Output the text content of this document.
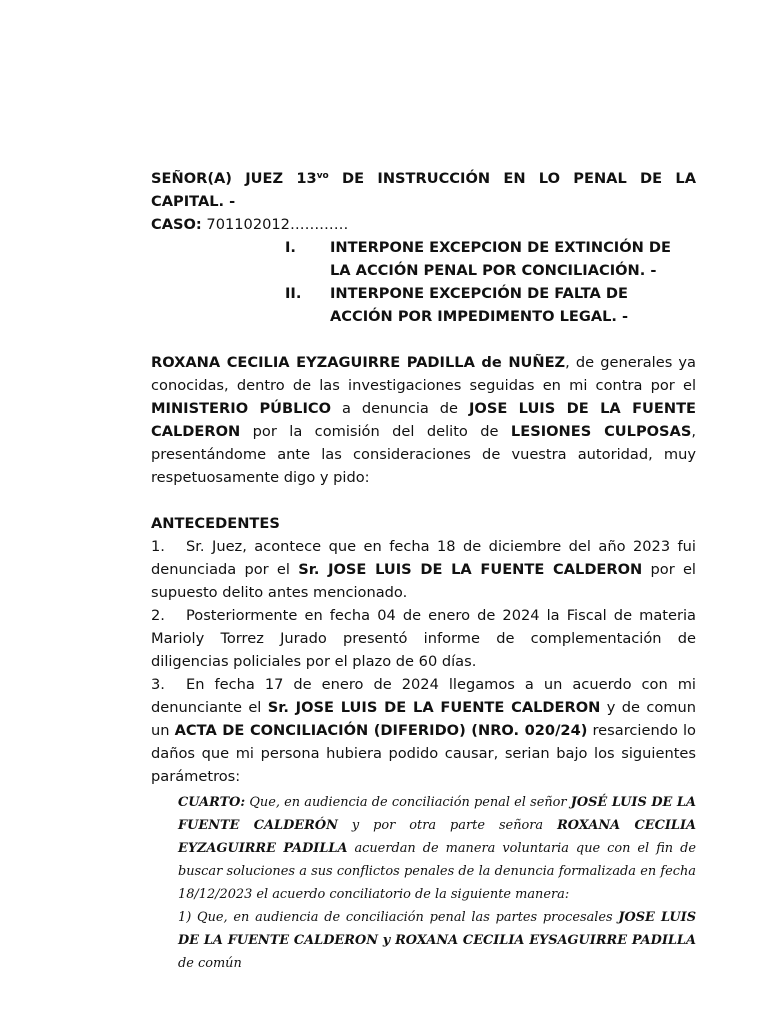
SEÑOR(A) JUEZ $13^{vo}$ DE INSTRUCCIÓN EN LO PENAL DE LA CAPITAL. -
CASO: 701102012…………
I. INTERPONE EXCEPCION DE EXTINCIÓN DE
LA ACCIÓN PENAL POR CONCILIACIÓN. -
II. INTERPONE EXCEPCIÓN DE FALTA DE
ACCIÓN POR IMPEDIMENTO LEGAL. -
ROXANA CECILIA EYZAGUIRRE PADILLA de NUÑEZ, de generales ya conocidas, dentro de las investigaciones seguidas en mi contra por el MINISTERIO PÚBLICO a denuncia de JOSE LUIS DE LA FUENTE CALDERON por la comisión del delito de LESIONES CULPOSAS, presentándome ante las consideraciones de vuestra autoridad, muy respetuosamente digo y pido:
ANTECEDENTES
1. Sr. Juez, acontece que en fecha 18 de diciembre del año 2023 fui denunciada por el Sr. JOSE LUIS DE LA FUENTE CALDERON por el supuesto delito antes mencionado.
2. Posteriormente en fecha 04 de enero de 2024 la Fiscal de materia Marioly Torrez Jurado presentó informe de complementación de diligencias policiales por el plazo de 60 días.
3. En fecha 17 de enero de 2024 llegamos a un acuerdo con mi denunciante el Sr. JOSE LUIS DE LA FUENTE CALDERON y de comun un ACTA DE CONCILIACIÓN (DIFERIDO) (NRO. 020/24) resarciendo lo daños que mi persona hubiera podido causar, serian bajo los siguientes parámetros:
CUARTO: Que, en audiencia de conciliación penal el señor JOSÉ LUIS DE LA FUENTE CALDERÓN y por otra parte señora ROXANA CECILIA EYZAGUIRRE PADILLA acuerdan de manera voluntaria que con el fin de buscar soluciones a sus conflictos penales de la denuncia formalizada en fecha 18/12/2023 el acuerdo conciliatorio de la siguiente manera:
1) Que, en audiencia de conciliación penal las partes procesales JOSE LUIS DE LA FUENTE CALDERON y ROXANA CECILIA EYSAGUIRRE PADILLA de común
